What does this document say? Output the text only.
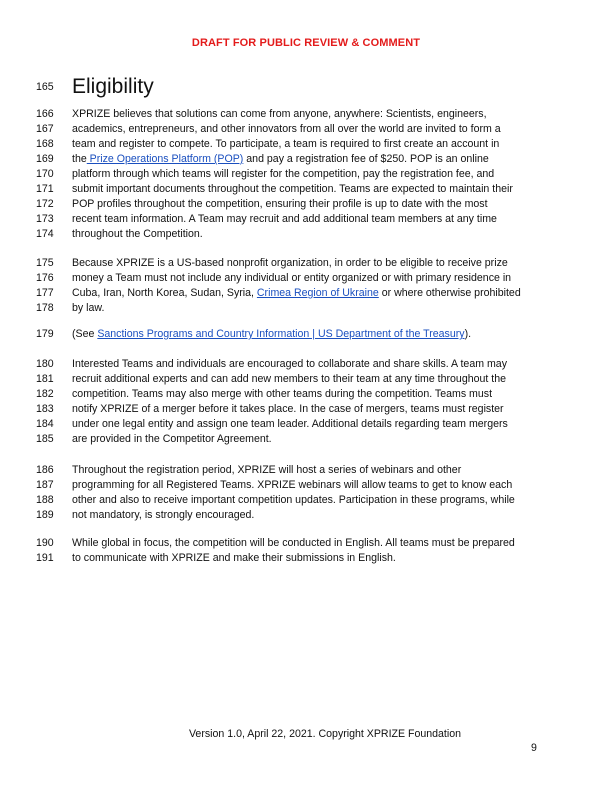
DRAFT FOR PUBLIC REVIEW & COMMENT
165 Eligibility
166	XPRIZE believes that solutions can come from anyone, anywhere: Scientists, engineers,
167	academics, entrepreneurs, and other innovators from all over the world are invited to form a
168	team and register to compete. To participate, a team is required to first create an account in
169	the Prize Operations Platform (POP) and pay a registration fee of $250. POP is an online
170	platform through which teams will register for the competition, pay the registration fee, and
171	submit important documents throughout the competition. Teams are expected to maintain their
172	POP profiles throughout the competition, ensuring their profile is up to date with the most
173	recent team information. A Team may recruit and add additional team members at any time
174	throughout the Competition.
175	Because XPRIZE is a US-based nonprofit organization, in order to be eligible to receive prize
176	money a Team must not include any individual or entity organized or with primary residence in
177	Cuba, Iran, North Korea, Sudan, Syria, Crimea Region of Ukraine or where otherwise prohibited
178	by law.
179	(See Sanctions Programs and Country Information | US Department of the Treasury).
180	Interested Teams and individuals are encouraged to collaborate and share skills. A team may
181	recruit additional experts and can add new members to their team at any time throughout the
182	competition. Teams may also merge with other teams during the competition. Teams must
183	notify XPRIZE of a merger before it takes place. In the case of mergers, teams must register
184	under one legal entity and assign one team leader. Additional details regarding team mergers
185	are provided in the Competitor Agreement.
186	Throughout the registration period, XPRIZE will host a series of webinars and other
187	programming for all Registered Teams. XPRIZE webinars will allow teams to get to know each
188	other and also to receive important competition updates. Participation in these programs, while
189	not mandatory, is strongly encouraged.
190	While global in focus, the competition will be conducted in English. All teams must be prepared
191	to communicate with XPRIZE and make their submissions in English.
Version 1.0, April 22, 2021. Copyright XPRIZE Foundation
9
